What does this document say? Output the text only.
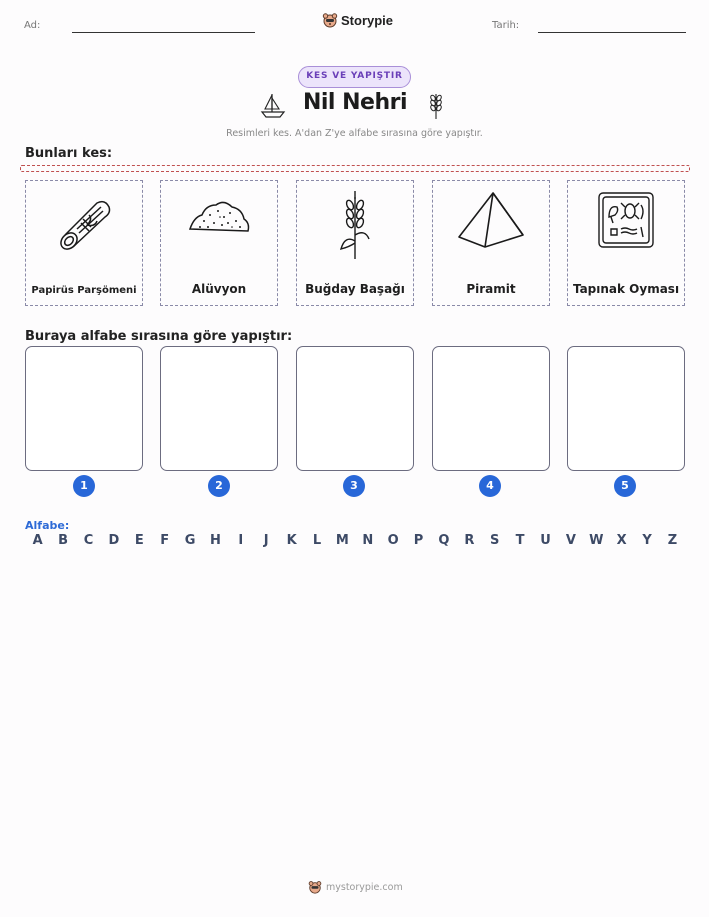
Ad:	Storypie	Tarih:
KES VE YAPIŞTIR
Nil Nehri
Resimleri kes. A'dan Z'ye alfabe sırasına göre yapıştır.
Bunları kes:
Papirüs Parşömeni	Alüvyon	Buğday Başağı	Piramit	Tapınak Oyması
Buraya alfabe sırasına göre yapıştır:
1	2	3	4	5
Alfabe:
A	B	C	D	E	F	G	H	I	J	K	L	M	N	O	P	Q	R	S	T	U	V	W	X	Y	Z
mystorypie.com
